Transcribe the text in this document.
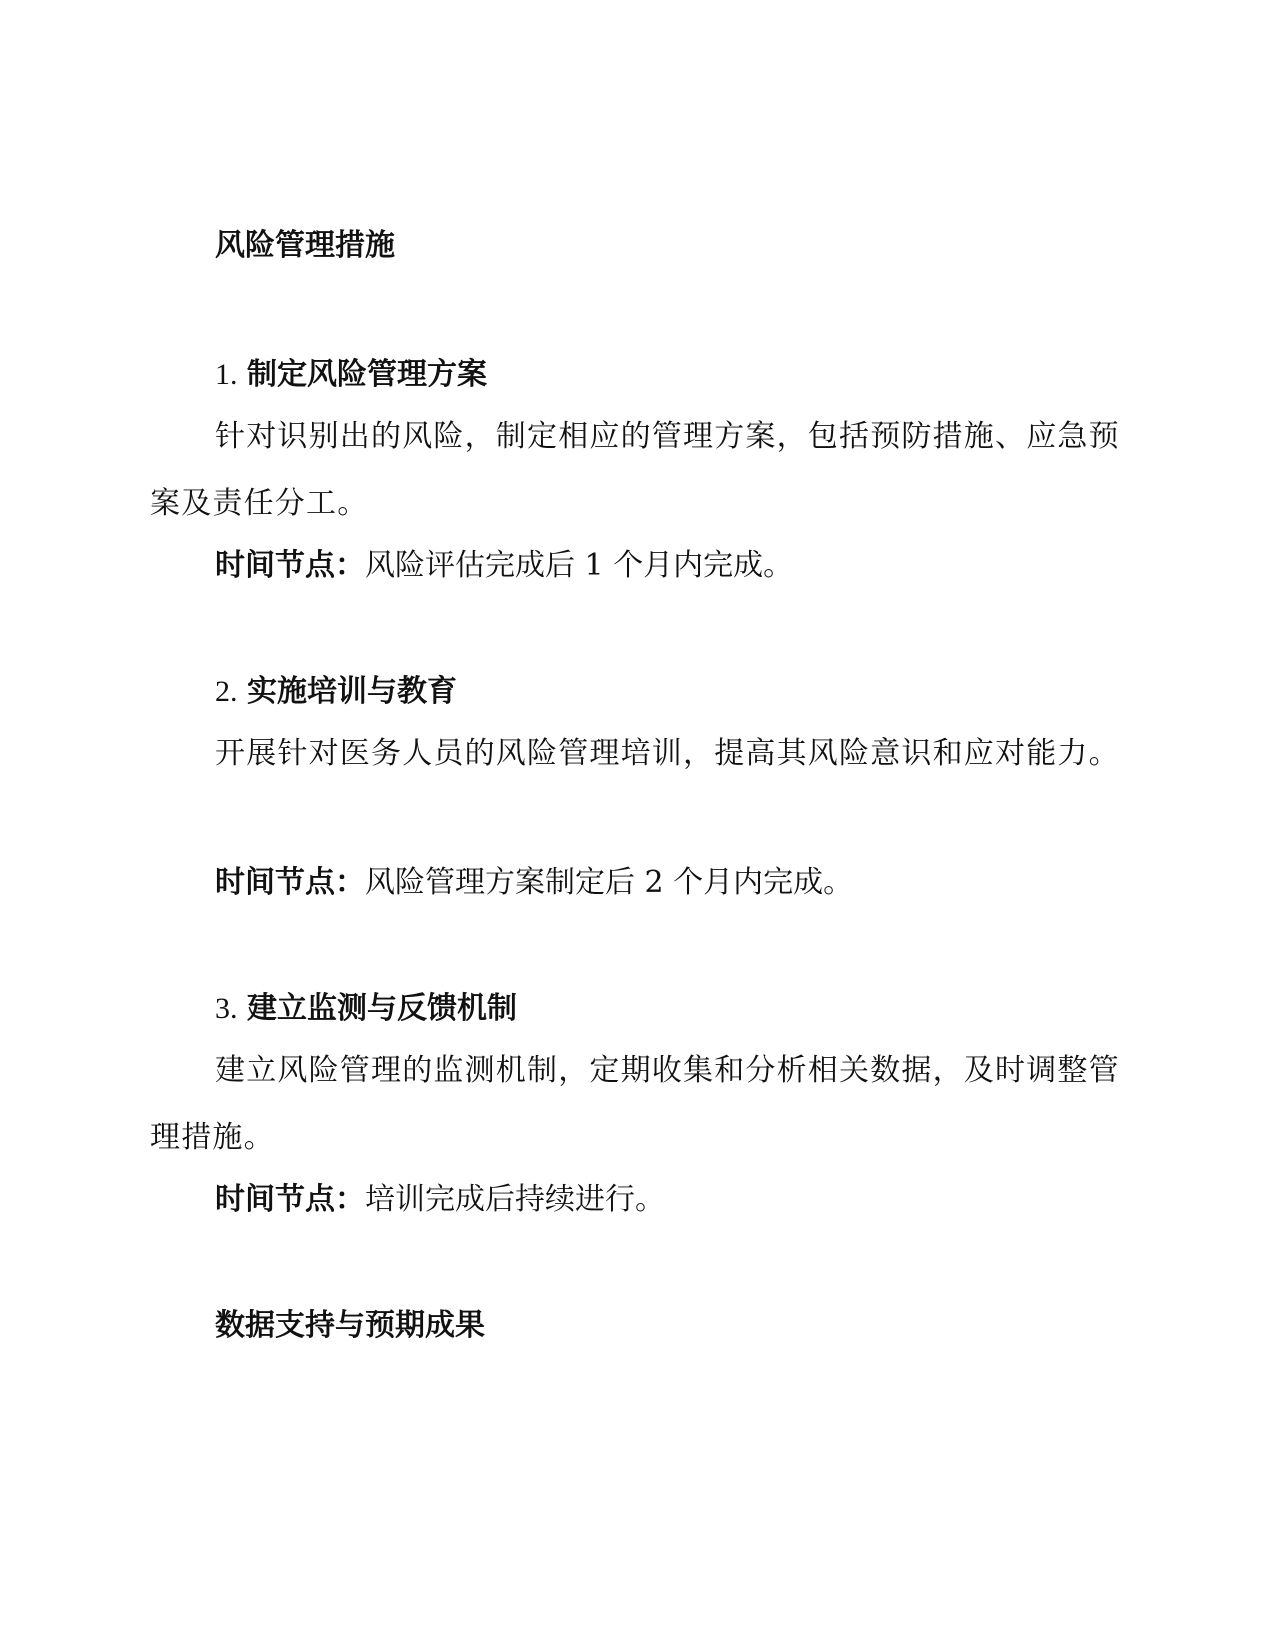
风险管理措施
1. 制定风险管理方案
针对识别出的风险，制定相应的管理方案，包括预防措施、应急预案及责任分工。
时间节点：风险评估完成后 1 个月内完成。
2. 实施培训与教育
开展针对医务人员的风险管理培训，提高其风险意识和应对能力。
时间节点：风险管理方案制定后 2 个月内完成。
3. 建立监测与反馈机制
建立风险管理的监测机制，定期收集和分析相关数据，及时调整管理措施。
时间节点：培训完成后持续进行。
数据支持与预期成果
